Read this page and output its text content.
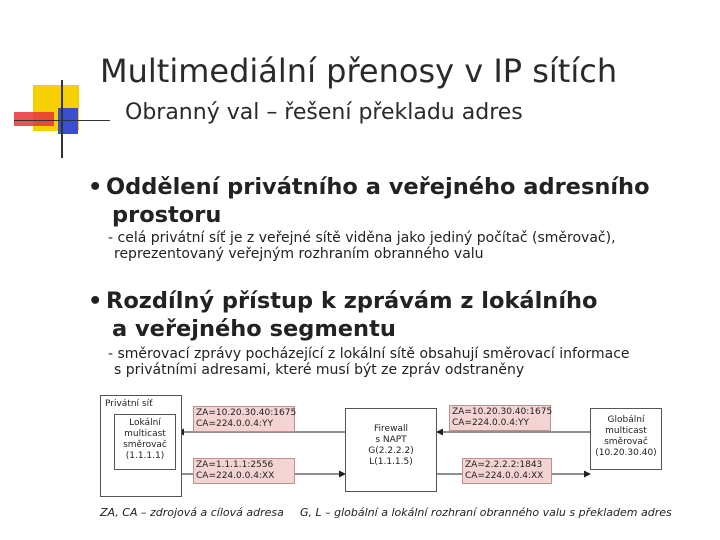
Multimediální přenosy v IP sítích
Obranný val – řešení překladu adres
• Oddělení privátního a veřejného adresního
prostoru
- celá privátní síť je z veřejné sítě viděna jako jediný počítač (směrovač),
reprezentovaný veřejným rozhraním obranného valu
• Rozdílný přístup k zprávám z lokálního
a veřejného segmentu
- směrovací zprávy pocházející z lokální sítě obsahují směrovací informace
s privátními adresami, které musí být ze zpráv odstraněny
Privátní síť
Lokální
multicast
směrovač
(1.1.1.1)
Firewall
s NAPT
G(2.2.2.2)
L(1.1.1.5)
Globální
multicast
směrovač
(10.20.30.40)
ZA=10.20.30.40:1675
CA=224.0.0.4:YY
ZA=1.1.1.1:2556
CA=224.0.0.4:XX
ZA=10.20.30.40:1675
CA=224.0.0.4:YY
ZA=2.2.2.2:1843
CA=224.0.0.4:XX
ZA, CA – zdrojová a cílová adresa G, L – globální a lokální rozhraní obranného valu s překladem adres
